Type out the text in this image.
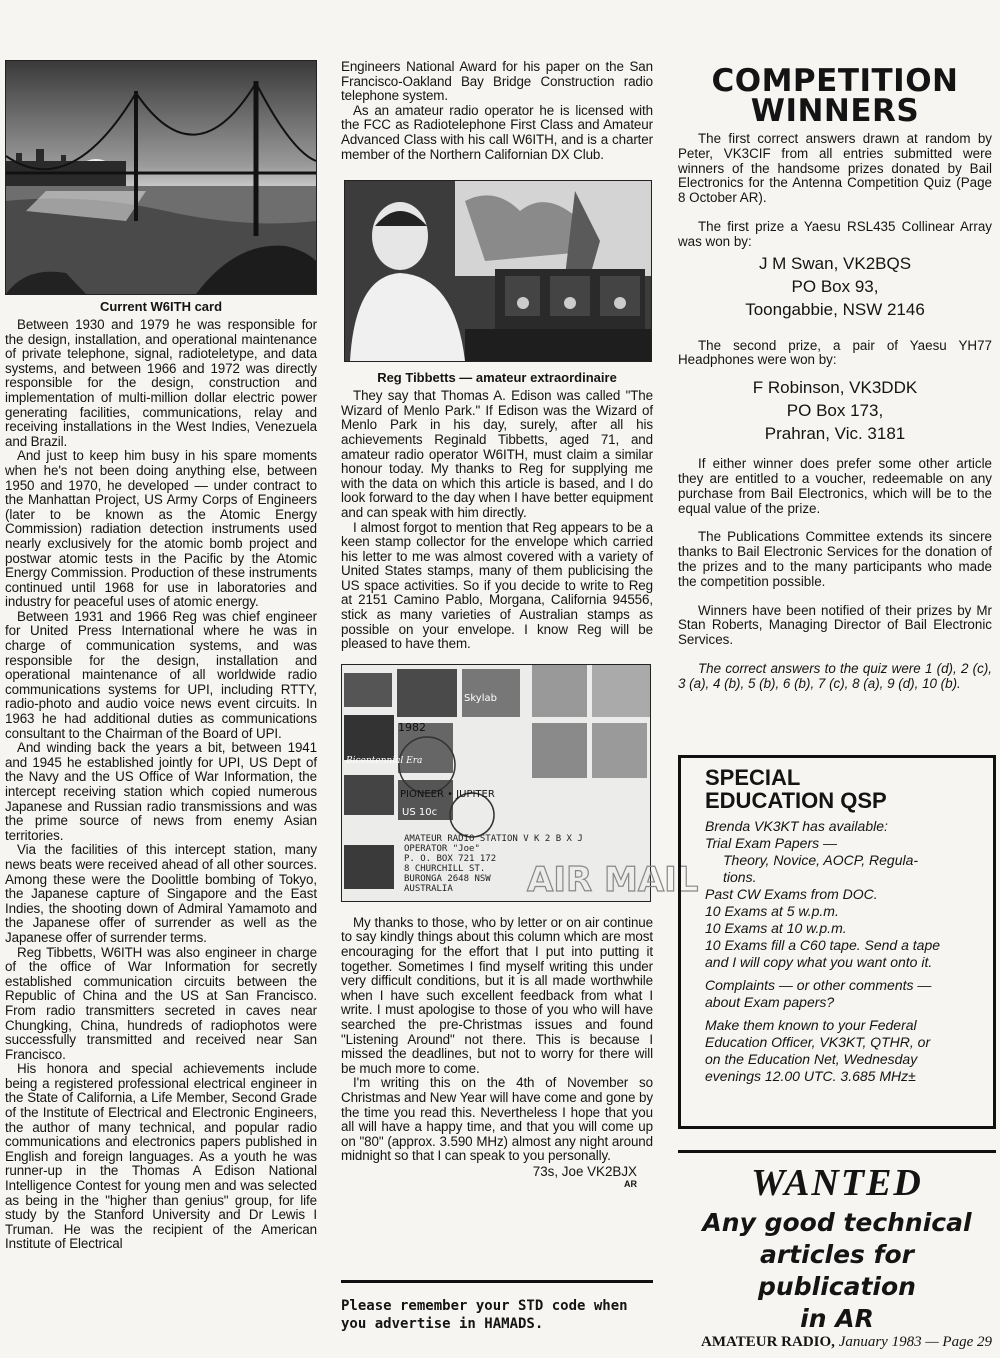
Current W6ITH card

Between 1930 and 1979 he was responsible for the design, installation, and operational maintenance of private telephone, signal, radioteletype, and data systems, and between 1966 and 1972 was directly responsible for the design, construction and implementation of multi-million dollar electric power generating facilities, communications, relay and receiving installations in the West Indies, Venezuela and Brazil.

And just to keep him busy in his spare moments when he's not been doing anything else, between 1950 and 1970, he developed — under contract to the Manhattan Project, US Army Corps of Engineers (later to be known as the Atomic Energy Commission) radiation detection instruments used nearly exclusively for the atomic bomb project and postwar atomic tests in the Pacific by the Atomic Energy Commission. Production of these instruments continued until 1968 for use in laboratories and industry for peaceful uses of atomic energy.

Between 1931 and 1966 Reg was chief engineer for United Press International where he was in charge of communication systems, and was responsible for the design, installation and operational maintenance of all worldwide radio communications systems for UPI, including RTTY, radio-photo and audio voice news event circuits. In 1963 he had additional duties as communications consultant to the Chairman of the Board of UPI.

And winding back the years a bit, between 1941 and 1945 he established jointly for UPI, US Dept of the Navy and the US Office of War Information, the intercept receiving station which copied numerous Japanese and Russian radio transmissions and was the prime source of news from enemy Asian territories.

Via the facilities of this intercept station, many news beats were received ahead of all other sources. Among these were the Doolittle bombing of Tokyo, the Japanese capture of Singapore and the East Indies, the shooting down of Admiral Yamamoto and the Japanese offer of surrender as well as the Japanese offer of surrender terms.

Reg Tibbetts, W6ITH was also engineer in charge of the office of War Information for secretly established communication circuits between the Republic of China and the US at San Francisco. From radio transmitters secreted in caves near Chungking, China, hundreds of radiophotos were successfully transmitted and received near San Francisco.

His honora and special achievements include being a registered professional electrical engineer in the State of California, a Life Member, Second Grade of the Institute of Electrical and Electronic Engineers, the author of many technical, and popular radio communications and electronics papers published in English and foreign languages. As a youth he was runner-up in the Thomas A Edison National Intelligence Contest for young men and was selected as being in the "higher than genius" group, for life study by the Stanford University and Dr Lewis I Truman. He was the recipient of the American Institute of Electrical

Engineers National Award for his paper on the San Francisco-Oakland Bay Bridge Construction radio telephone system.

As an amateur radio operator he is licensed with the FCC as Radiotelephone First Class and Amateur Advanced Class with his call W6ITH, and is a charter member of the Northern Californian DX Club.

Reg Tibbetts — amateur extraordinaire

They say that Thomas A. Edison was called "The Wizard of Menlo Park." If Edison was the Wizard of Menlo Park in his day, surely, after all his achievements Reginald Tibbetts, aged 71, and amateur radio operator W6ITH, must claim a similar honour today. My thanks to Reg for supplying me with the data on which this article is based, and I do look forward to the day when I have better equipment and can speak with him directly.

I almost forgot to mention that Reg appears to be a keen stamp collector for the envelope which carried his letter to me was almost covered with a variety of United States stamps, many of them publicising the US space activities. So if you decide to write to Reg at 2151 Camino Pablo, Morgana, California 94556, stick as many varieties of Australian stamps as possible on your envelope. I know Reg will be pleased to have them.

Skylab
PIONEER • JUPITER
Bicentennial Era
1982
US 10c
AMATEUR RADIO STATION V K 2 B X J
OPERATOR "Joe"
P. O. BOX 721 172
8 CHURCHILL ST.
BURONGA 2648 NSW
AUSTRALIA AIR MAIL

My thanks to those, who by letter or on air continue to say kindly things about this column which are most encouraging for the effort that I put into putting it together. Sometimes I find myself writing this under very difficult conditions, but it is all made worthwhile when I have such excellent feedback from what I write. I must apologise to those of you who will have searched the pre-Christmas issues and found "Listening Around" not there. This is because I missed the deadlines, but not to worry for there will be much more to come.

I'm writing this on the 4th of November so Christmas and New Year will have come and gone by the time you read this. Nevertheless I hope that you all will have a happy time, and that you will come up on "80" (approx. 3.590 MHz) almost any night around midnight so that I can speak to you personally.

73s, Joe VK2BJX
AR
Please remember your STD code when you advertise in HAMADS.
COMPETITION
WINNERS

The first correct answers drawn at random by Peter, VK3CIF from all entries submitted were winners of the handsome prizes donated by Bail Electronics for the Antenna Competition Quiz (Page 8 October AR).

The first prize a Yaesu RSL435 Collinear Array was won by:

J M Swan, VK2BQS
PO Box 93,
Toongabbie, NSW 2146

The second prize, a pair of Yaesu YH77 Headphones were won by:

F Robinson, VK3DDK
PO Box 173,
Prahran, Vic. 3181

If either winner does prefer some other article they are entitled to a voucher, redeemable on any purchase from Bail Electronics, which will be to the equal value of the prize.

The Publications Committee extends its sincere thanks to Bail Electronic Services for the donation of the prizes and to the many participants who made the competition possible.

Winners have been notified of their prizes by Mr Stan Roberts, Managing Director of Bail Electronic Services.

The correct answers to the quiz were 1 (d), 2 (c), 3 (a), 4 (b), 5 (b), 6 (b), 7 (c), 8 (a), 9 (d), 10 (b).

SPECIAL
EDUCATION QSP
Brenda VK3KT has available:
Trial Exam Papers —
Theory, Novice, AOCP, Regula-
tions.
Past CW Exams from DOC.
10 Exams at 5 w.p.m.
10 Exams at 10 w.p.m.
10 Exams fill a C60 tape. Send a tape
and I will copy what you want onto it.
Complaints — or other comments —
about Exam papers?
Make them known to your Federal
Education Officer, VK3KT, QTHR, or
on the Education Net, Wednesday
evenings 12.00 UTC. 3.685 MHz±
WANTED
Any good technical
articles for publication
in AR
AMATEUR RADIO, January 1983 — Page 29
